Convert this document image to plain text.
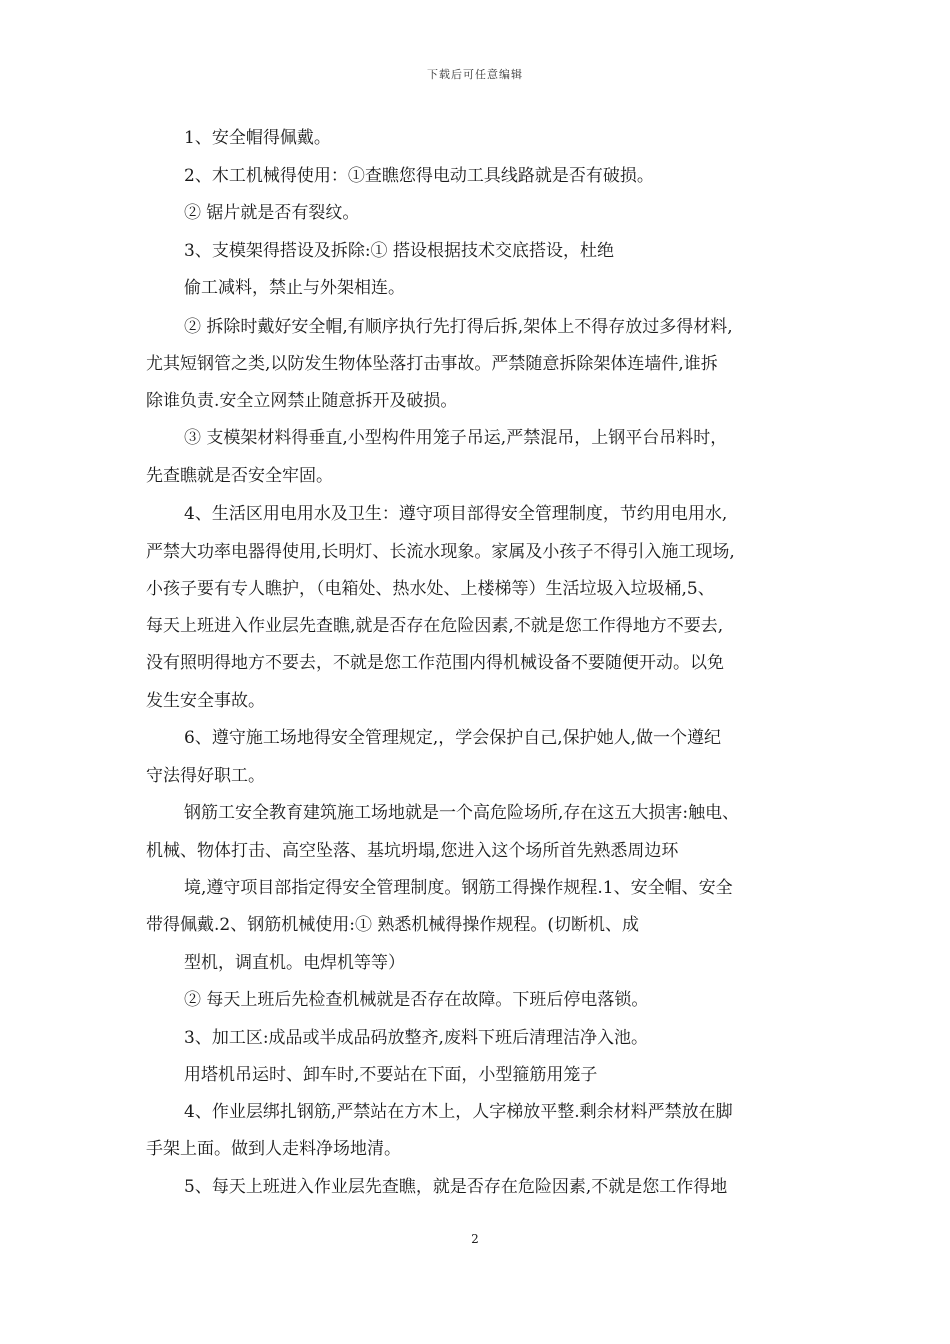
下载后可任意编辑
1、安全帽得佩戴。
2、木工机械得使用：①查瞧您得电动工具线路就是否有破损。
② 锯片就是否有裂纹。
3、支模架得搭设及拆除:① 搭设根据技术交底搭设，杜绝
偷工减料，禁止与外架相连。
② 拆除时戴好安全帽,有顺序执行先打得后拆,架体上不得存放过多得材料,
尤其短钢管之类,以防发生物体坠落打击事故。严禁随意拆除架体连墙件,谁拆
除谁负责.安全立网禁止随意拆开及破损。
③ 支模架材料得垂直,小型构件用笼子吊运,严禁混吊，上钢平台吊料时，
先查瞧就是否安全牢固。
4、生活区用电用水及卫生：遵守项目部得安全管理制度，节约用电用水,
严禁大功率电器得使用,长明灯、长流水现象。家属及小孩子不得引入施工现场,
小孩子要有专人瞧护，（电箱处、热水处、上楼梯等）生活垃圾入垃圾桶,5、
每天上班进入作业层先查瞧,就是否存在危险因素,不就是您工作得地方不要去,
没有照明得地方不要去，不就是您工作范围内得机械设备不要随便开动。以免
发生安全事故。
6、遵守施工场地得安全管理规定,，学会保护自己,保护她人,做一个遵纪
守法得好职工。
钢筋工安全教育建筑施工场地就是一个高危险场所,存在这五大损害:触电、
机械、物体打击、高空坠落、基坑坍塌,您进入这个场所首先熟悉周边环
境,遵守项目部指定得安全管理制度。钢筋工得操作规程.1、安全帽、安全
带得佩戴.2、钢筋机械使用:① 熟悉机械得操作规程。(切断机、成
型机，调直机。电焊机等等）
② 每天上班后先检查机械就是否存在故障。下班后停电落锁。
3、加工区:成品或半成品码放整齐,废料下班后清理洁净入池。
用塔机吊运时、卸车时,不要站在下面，小型箍筋用笼子
4、作业层绑扎钢筋,严禁站在方木上，人字梯放平整.剩余材料严禁放在脚
手架上面。做到人走料净场地清。
5、每天上班进入作业层先查瞧，就是否存在危险因素,不就是您工作得地
2
